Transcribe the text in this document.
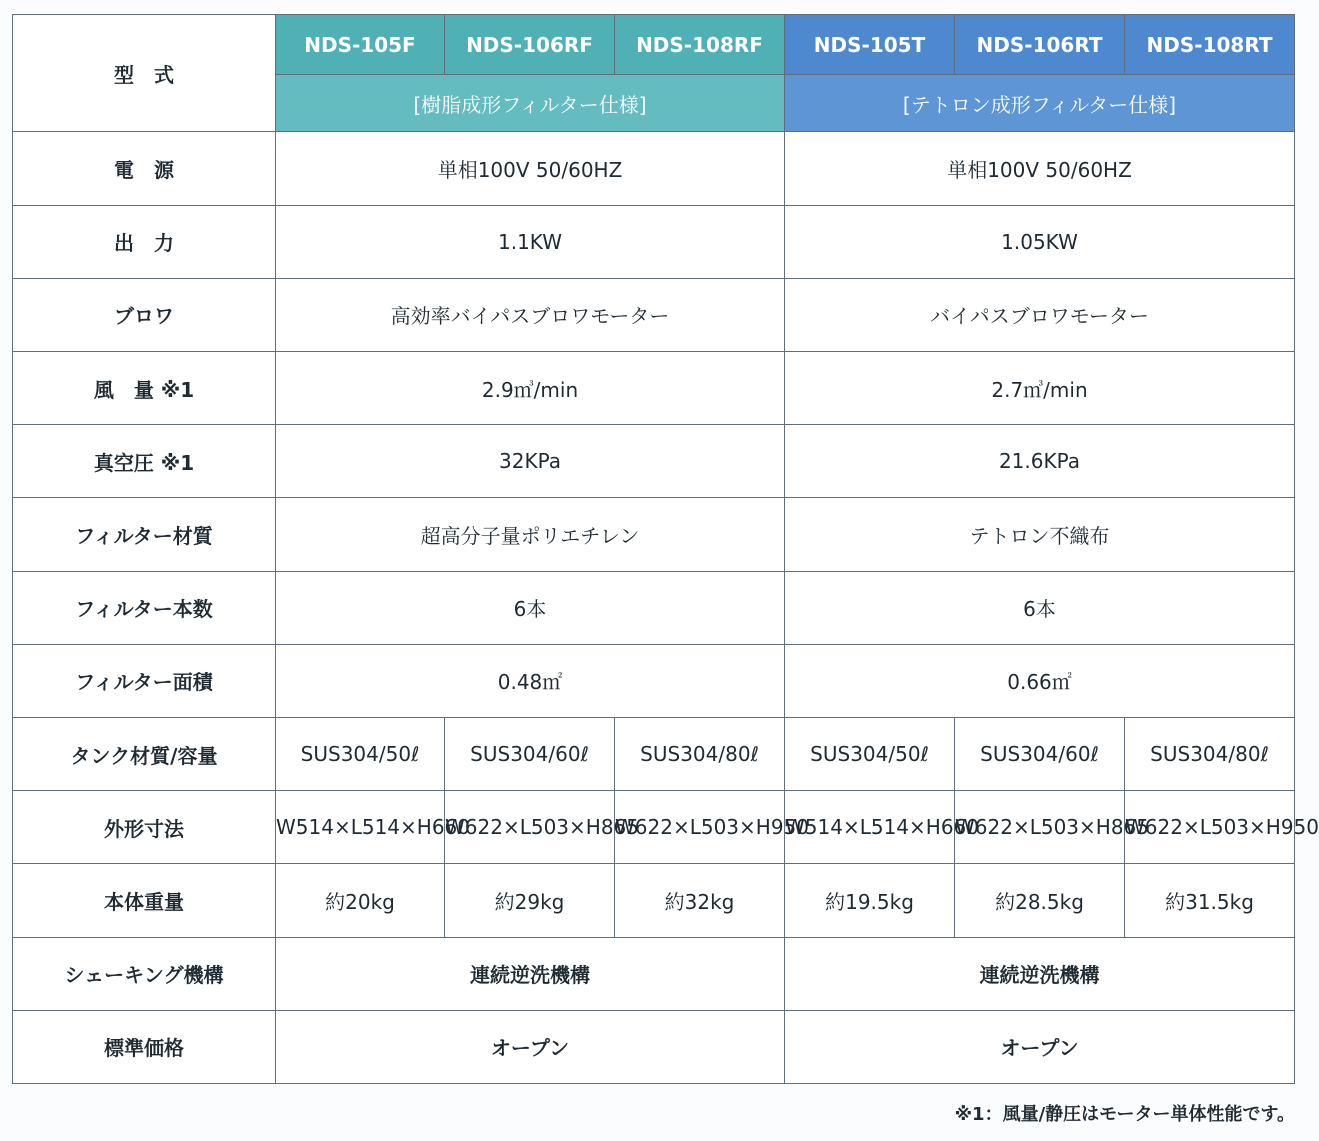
型　式	NDS-105F	NDS-106RF	NDS-108RF	NDS-105T	NDS-106RT	NDS-108RT
	[樹脂成形フィルター仕様]			[テトロン成形フィルター仕様]		
電　源	単相100V 50/60HZ			単相100V 50/60HZ		
出　力	1.1KW			1.05KW		
ブロワ	高効率バイパスブロワモーター			バイパスブロワモーター		
風　量 ※1	2.9㎥/min			2.7㎥/min		
真空圧 ※1	32KPa			21.6KPa		
フィルター材質	超高分子量ポリエチレン			テトロン不織布		
フィルター本数	6本			6本		
フィルター面積	0.48㎡			0.66㎡		
タンク材質/容量	SUS304/50ℓ	SUS304/60ℓ	SUS304/80ℓ	SUS304/50ℓ	SUS304/60ℓ	SUS304/80ℓ
外形寸法	W514×L514×H660	W622×L503×H865	W622×L503×H950	W514×L514×H660	W622×L503×H865	W622×L503×H950
本体重量	約20kg	約29kg	約32kg	約19.5kg	約28.5kg	約31.5kg
シェーキング機構	連続逆洗機構			連続逆洗機構		
標準価格	オープン			オープン		
※1：風量/静圧はモーター単体性能です。
